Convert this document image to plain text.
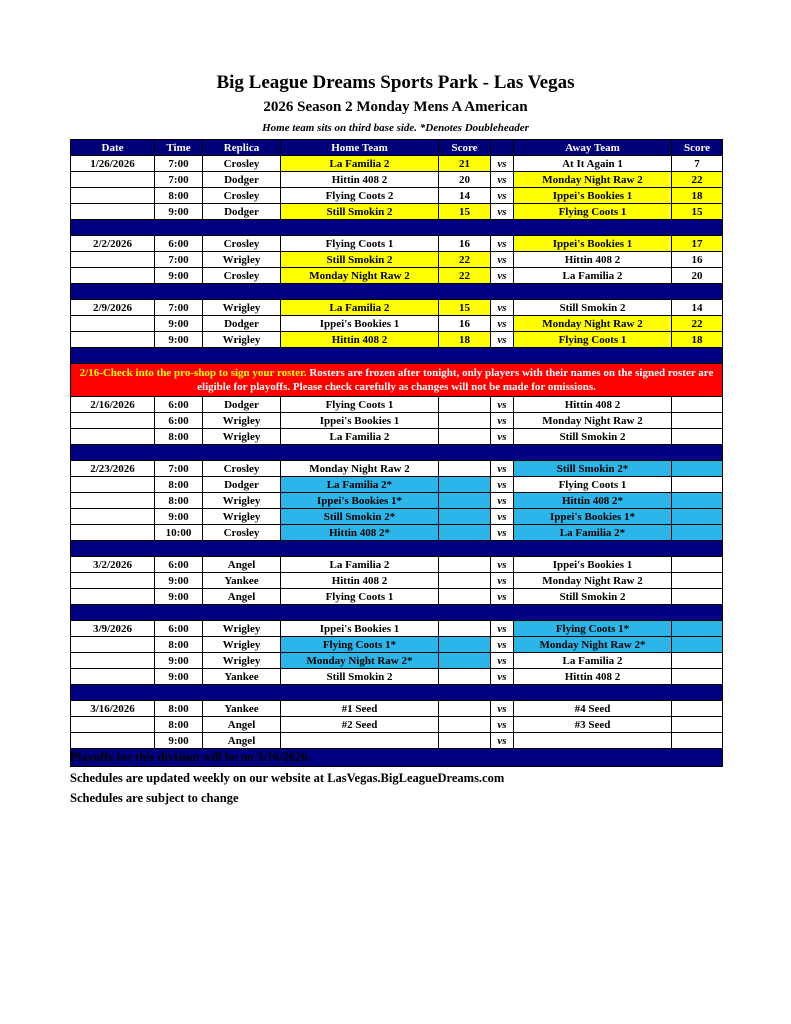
Big League Dreams Sports Park - Las Vegas
2026 Season 2 Monday Mens A American
Home team sits on third base side. *Denotes Doubleheader
Date	Time	Replica	Home Team	Score		Away Team	Score
1/26/2026	7:00	Crosley	La Familia 2	21	vs	At It Again 1	7
	7:00	Dodger	Hittin 408 2	20	vs	Monday Night Raw 2	22
	8:00	Crosley	Flying Coots 2	14	vs	Ippei's Bookies 1	18
	9:00	Dodger	Still Smokin 2	15	vs	Flying Coots 1	15

2/2/2026	6:00	Crosley	Flying Coots 1	16	vs	Ippei's Bookies 1	17
	7:00	Wrigley	Still Smokin 2	22	vs	Hittin 408 2	16
	9:00	Crosley	Monday Night Raw 2	22	vs	La Familia 2	20

2/9/2026	7:00	Wrigley	La Familia 2	15	vs	Still Smokin 2	14
	9:00	Dodger	Ippei's Bookies 1	16	vs	Monday Night Raw 2	22
	9:00	Wrigley	Hittin 408 2	18	vs	Flying Coots 1	18

2/16-Check into the pro-shop to sign your roster. Rosters are frozen after tonight, only players with their names on the signed roster are eligible for playoffs. Please check carefully as changes will not be made for omissions.							
2/16/2026	6:00	Dodger	Flying Coots 1		vs	Hittin 408 2	
	6:00	Wrigley	Ippei's Bookies 1		vs	Monday Night Raw 2	
	8:00	Wrigley	La Familia 2		vs	Still Smokin 2	

2/23/2026	7:00	Crosley	Monday Night Raw 2		vs	Still Smokin 2*	
	8:00	Dodger	La Familia 2*		vs	Flying Coots 1	
	8:00	Wrigley	Ippei's Bookies 1*		vs	Hittin 408 2*	
	9:00	Wrigley	Still Smokin 2*		vs	Ippei's Bookies 1*	
	10:00	Crosley	Hittin 408 2*		vs	La Familia 2*	

3/2/2026	6:00	Angel	La Familia 2		vs	Ippei's Bookies 1	
	9:00	Yankee	Hittin 408 2		vs	Monday Night Raw 2	
	9:00	Angel	Flying Coots 1		vs	Still Smokin 2	

3/9/2026	6:00	Wrigley	Ippei's Bookies 1		vs	Flying Coots 1*	
	8:00	Wrigley	Flying Coots 1*		vs	Monday Night Raw 2*	
	9:00	Wrigley	Monday Night Raw 2*		vs	La Familia 2	
	9:00	Yankee	Still Smokin 2		vs	Hittin 408 2	

3/16/2026	8:00	Yankee	#1 Seed		vs	#4 Seed	
	8:00	Angel	#2 Seed		vs	#3 Seed	
	9:00	Angel			vs		

Playoffs for this division will be on 3/16/2026.
Schedules are updated weekly on our website at LasVegas.BigLeagueDreams.com
Schedules are subject to change
